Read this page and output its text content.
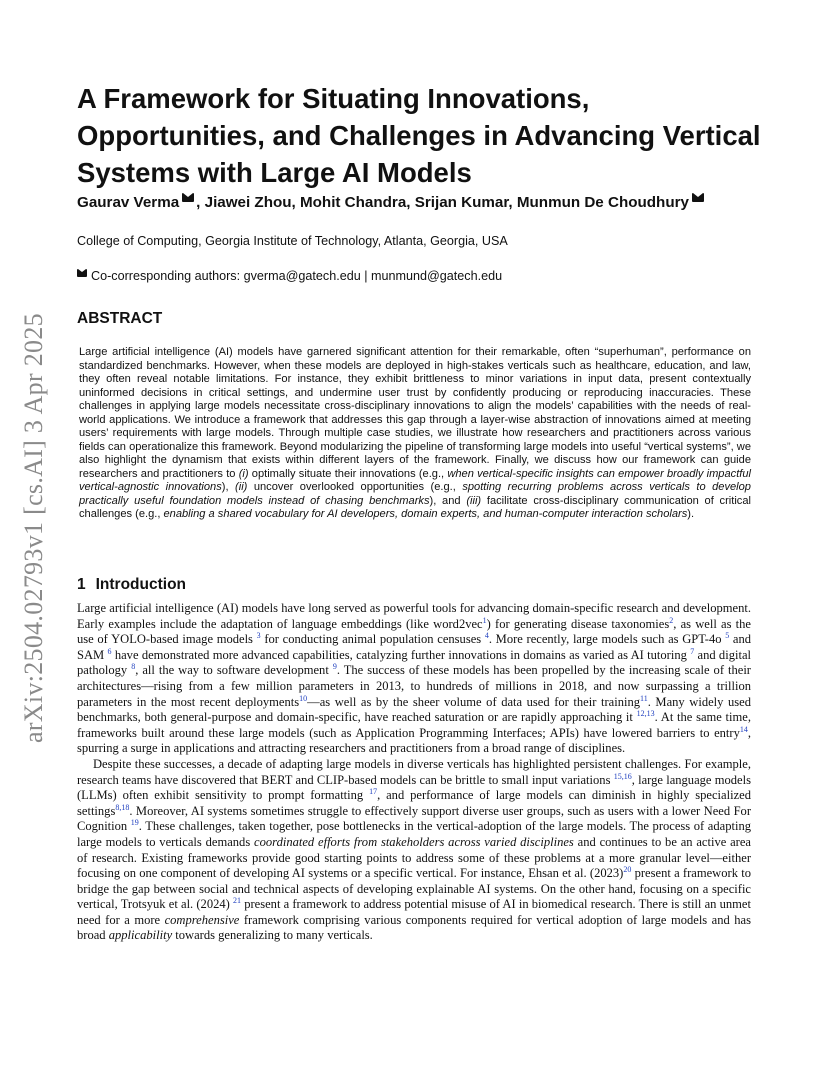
arXiv:2504.02793v1 [cs.AI] 3 Apr 2025
A Framework for Situating Innovations, Opportunities, and Challenges in Advancing Vertical Systems with Large AI Models
Gaurav Verma , Jiawei Zhou, Mohit Chandra, Srijan Kumar, Munmun De Choudhury
College of Computing, Georgia Institute of Technology, Atlanta, Georgia, USA
Co-corresponding authors: gverma@gatech.edu | munmund@gatech.edu
ABSTRACT

Large artificial intelligence (AI) models have garnered significant attention for their remarkable, often “superhuman”, performance on standardized benchmarks. However, when these models are deployed in high-stakes verticals such as healthcare, education, and law, they often reveal notable limitations. For instance, they exhibit brittleness to minor variations in input data, present contextually uninformed decisions in critical settings, and undermine user trust by confidently producing or reproducing inaccuracies. These challenges in applying large models necessitate cross-disciplinary innovations to align the models’ capabilities with the needs of real-world applications. We introduce a framework that addresses this gap through a layer-wise abstraction of innovations aimed at meeting users’ requirements with large models. Through multiple case studies, we illustrate how researchers and practitioners across various fields can operationalize this framework. Beyond modularizing the pipeline of transforming large models into useful “vertical systems”, we also highlight the dynamism that exists within different layers of the framework. Finally, we discuss how our framework can guide researchers and practitioners to (i) optimally situate their innovations (e.g., when vertical-specific insights can empower broadly impactful vertical-agnostic innovations), (ii) uncover overlooked opportunities (e.g., spotting recurring problems across verticals to develop practically useful foundation models instead of chasing benchmarks), and (iii) facilitate cross-disciplinary communication of critical challenges (e.g., enabling a shared vocabulary for AI developers, domain experts, and human-computer interaction scholars).

1 Introduction

Large artificial intelligence (AI) models have long served as powerful tools for advancing domain-specific research and development. Early examples include the adaptation of language embeddings (like word2vec$^1$) for generating disease taxonomies$^2$, as well as the use of YOLO-based image models $^3$ for conducting animal population censuses $^4$. More recently, large models such as GPT-4o $^5$ and SAM $^6$ have demonstrated more advanced capabilities, catalyzing further innovations in domains as varied as AI tutoring $^7$ and digital pathology $^8$, all the way to software development $^9$. The success of these models has been propelled by the increasing scale of their architectures—rising from a few million parameters in 2013, to hundreds of millions in 2018, and now surpassing a trillion parameters in the most recent deployments$^{10}$—as well as by the sheer volume of data used for their training$^{11}$. Many widely used benchmarks, both general-purpose and domain-specific, have reached saturation or are rapidly approaching it $^{12,13}$. At the same time, frameworks built around these large models (such as Application Programming Interfaces; APIs) have lowered barriers to entry$^{14}$, spurring a surge in applications and attracting researchers and practitioners from a broad range of disciplines.

Despite these successes, a decade of adapting large models in diverse verticals has highlighted persistent challenges. For example, research teams have discovered that BERT and CLIP-based models can be brittle to small input variations $^{15,16}$, large language models (LLMs) often exhibit sensitivity to prompt formatting $^{17}$, and performance of large models can diminish in highly specialized settings$^{8,18}$. Moreover, AI systems sometimes struggle to effectively support diverse user groups, such as users with a lower Need For Cognition $^{19}$. These challenges, taken together, pose bottlenecks in the vertical-adoption of the large models. The process of adapting large models to verticals demands coordinated efforts from stakeholders across varied disciplines and continues to be an active area of research. Existing frameworks provide good starting points to address some of these problems at a more granular level—either focusing on one component of developing AI systems or a specific vertical. For instance, Ehsan et al. (2023)$^{20}$ present a framework to bridge the gap between social and technical aspects of developing explainable AI systems. On the other hand, focusing on a specific vertical, Trotsyuk et al. (2024) $^{21}$ present a framework to address potential misuse of AI in biomedical research. There is still an unmet need for a more comprehensive framework comprising various components required for vertical adoption of large models and has broad applicability towards generalizing to many verticals.
